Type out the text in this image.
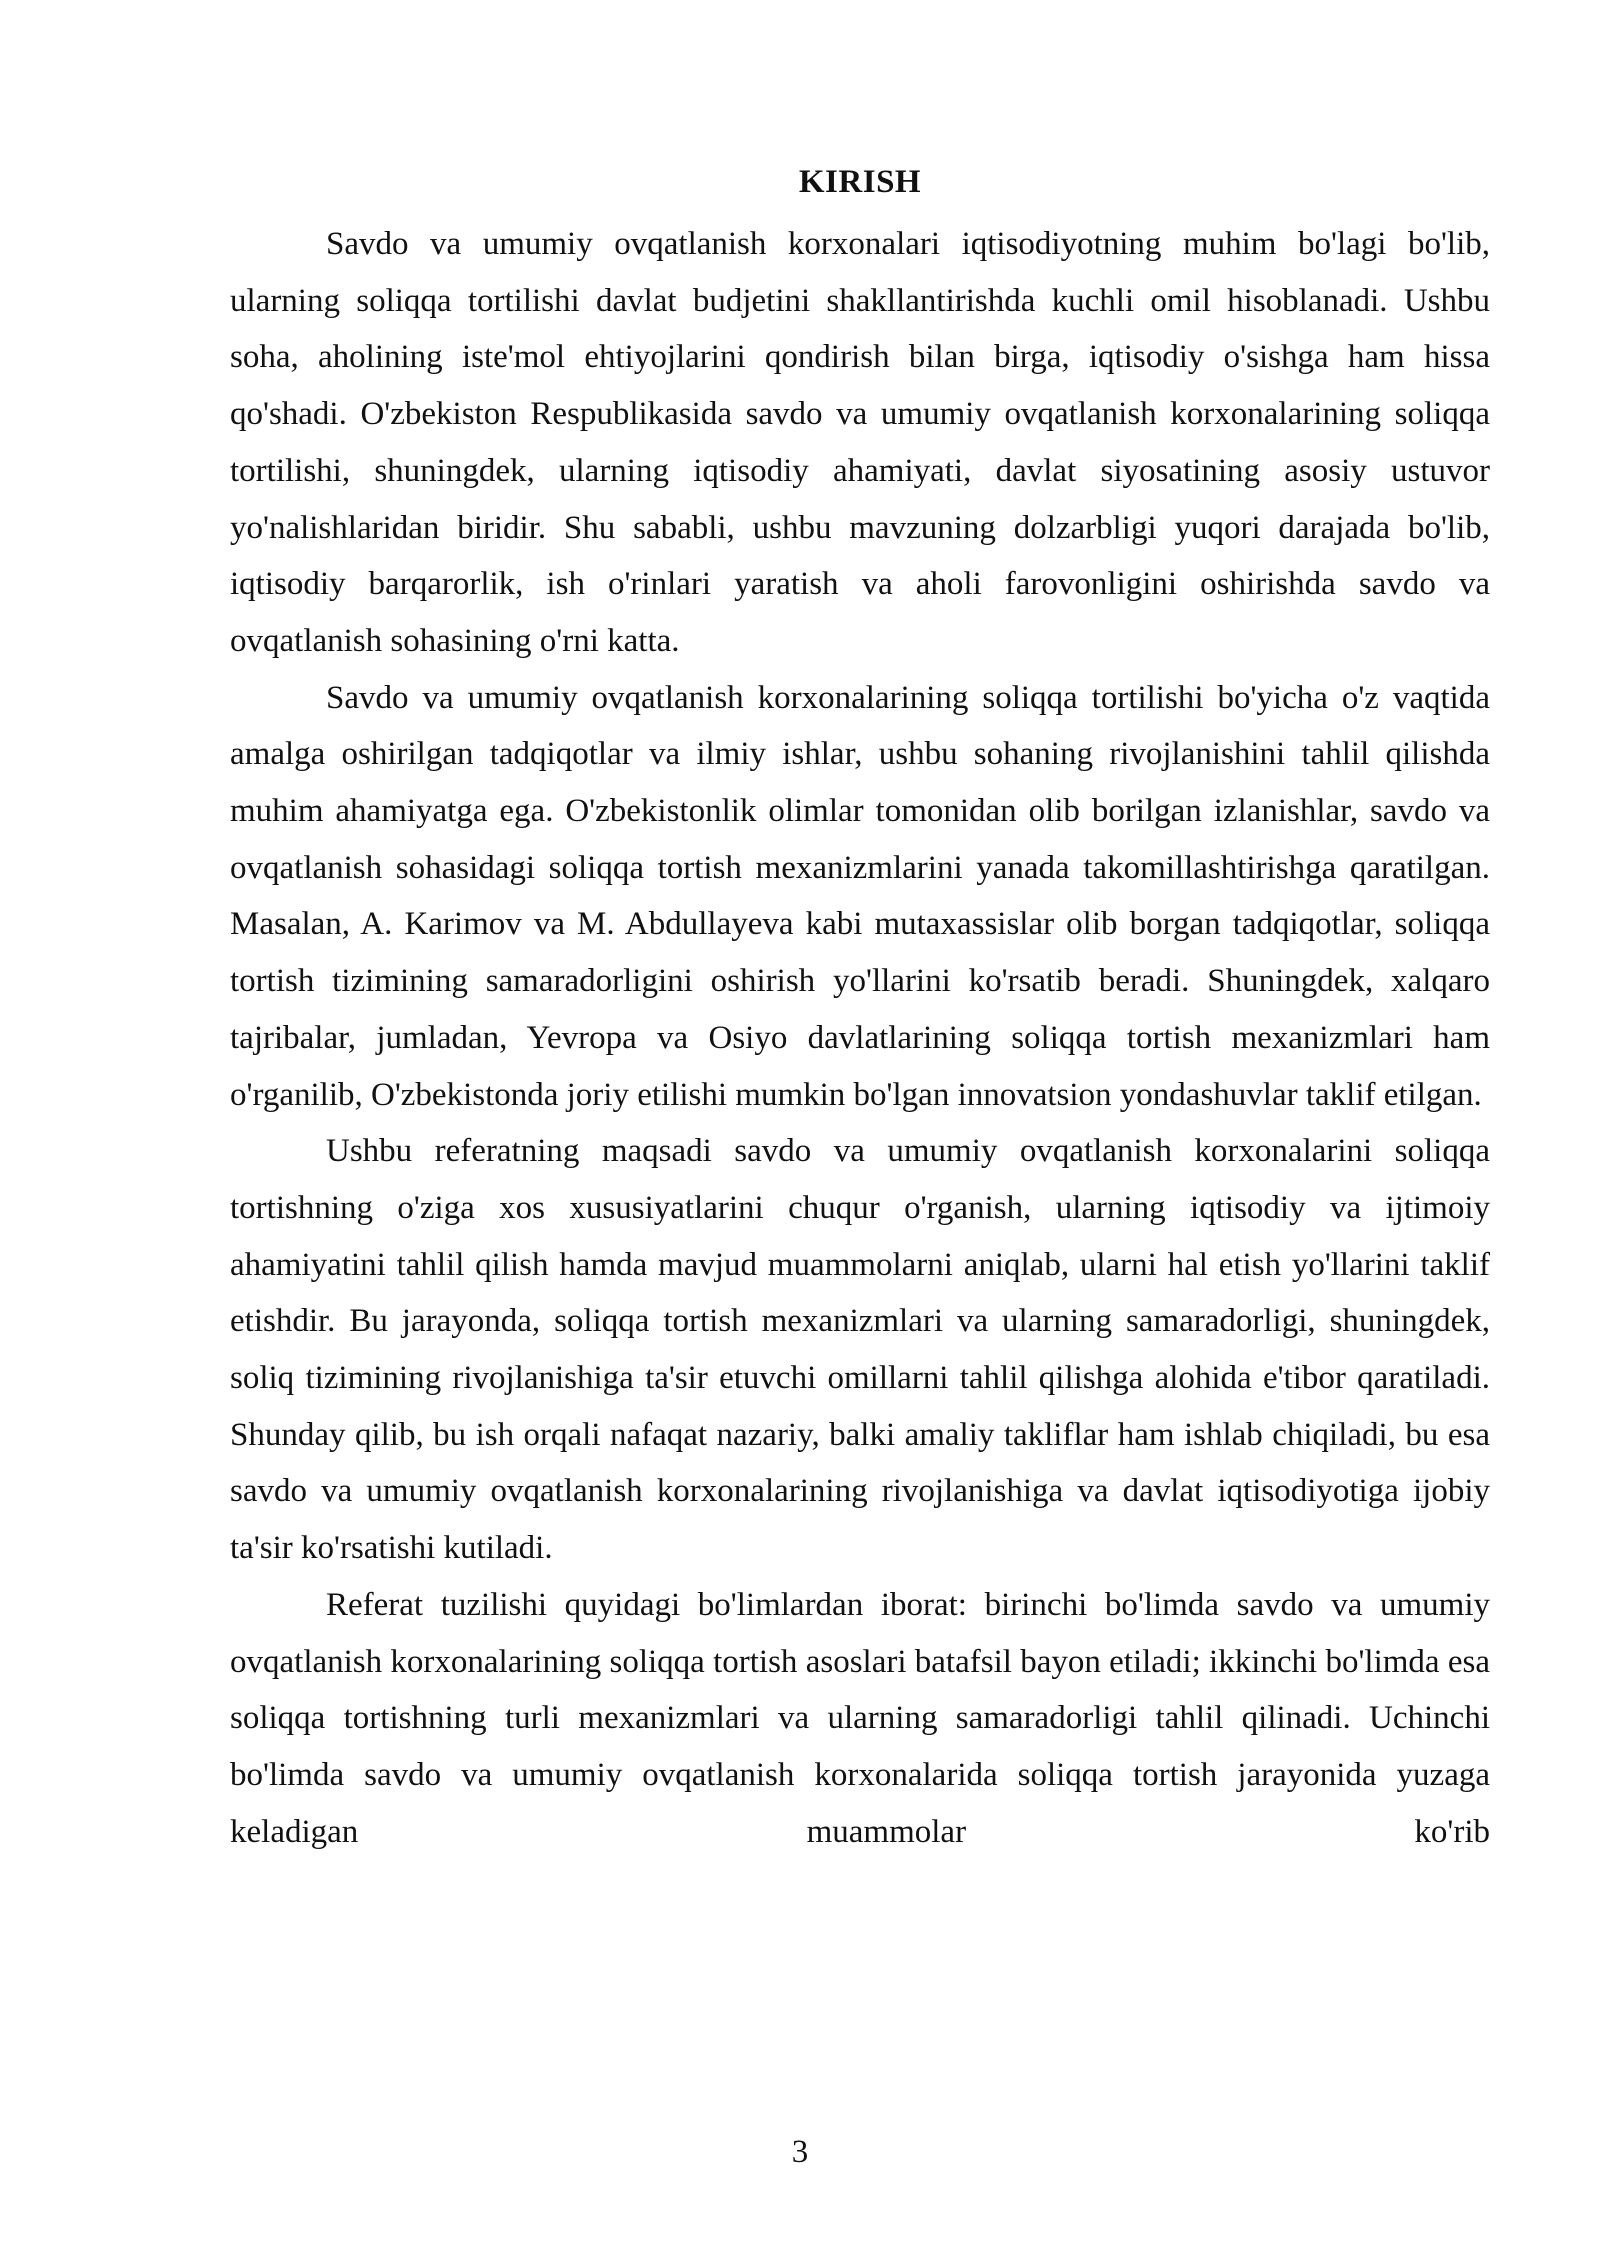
KIRISH

Savdo va umumiy ovqatlanish korxonalari iqtisodiyotning muhim bo'lagi bo'lib, ularning soliqqa tortilishi davlat budjetini shakllantirishda kuchli omil hisoblanadi. Ushbu soha, aholining iste'mol ehtiyojlarini qondirish bilan birga, iqtisodiy o'sishga ham hissa qo'shadi. O'zbekiston Respublikasida savdo va umumiy ovqatlanish korxonalarining soliqqa tortilishi, shuningdek, ularning iqtisodiy ahamiyati, davlat siyosatining asosiy ustuvor yo'nalishlaridan biridir. Shu sababli, ushbu mavzuning dolzarbligi yuqori darajada bo'lib, iqtisodiy barqarorlik, ish o'rinlari yaratish va aholi farovonligini oshirishda savdo va ovqatlanish sohasining o'rni katta.

Savdo va umumiy ovqatlanish korxonalarining soliqqa tortilishi bo'yicha o'z vaqtida amalga oshirilgan tadqiqotlar va ilmiy ishlar, ushbu sohaning rivojlanishini tahlil qilishda muhim ahamiyatga ega. O'zbekistonlik olimlar tomonidan olib borilgan izlanishlar, savdo va ovqatlanish sohasidagi soliqqa tortish mexanizmlarini yanada takomillashtirishga qaratilgan. Masalan, A. Karimov va M. Abdullayeva kabi mutaxassislar olib borgan tadqiqotlar, soliqqa tortish tizimining samaradorligini oshirish yo'llarini ko'rsatib beradi. Shuningdek, xalqaro tajribalar, jumladan, Yevropa va Osiyo davlatlarining soliqqa tortish mexanizmlari ham o'rganilib, O'zbekistonda joriy etilishi mumkin bo'lgan innovatsion yondashuvlar taklif etilgan.

Ushbu referatning maqsadi savdo va umumiy ovqatlanish korxonalarini soliqqa tortishning o'ziga xos xususiyatlarini chuqur o'rganish, ularning iqtisodiy va ijtimoiy ahamiyatini tahlil qilish hamda mavjud muammolarni aniqlab, ularni hal etish yo'llarini taklif etishdir. Bu jarayonda, soliqqa tortish mexanizmlari va ularning samaradorligi, shuningdek, soliq tizimining rivojlanishiga ta'sir etuvchi omillarni tahlil qilishga alohida e'tibor qaratiladi. Shunday qilib, bu ish orqali nafaqat nazariy, balki amaliy takliflar ham ishlab chiqiladi, bu esa savdo va umumiy ovqatlanish korxonalarining rivojlanishiga va davlat iqtisodiyotiga ijobiy ta'sir ko'rsatishi kutiladi.

Referat tuzilishi quyidagi bo'limlardan iborat: birinchi bo'limda savdo va umumiy ovqatlanish korxonalarining soliqqa tortish asoslari batafsil bayon etiladi; ikkinchi bo'limda esa soliqqa tortishning turli mexanizmlari va ularning samaradorligi tahlil qilinadi. Uchinchi bo'limda savdo va umumiy ovqatlanish korxonalarida soliqqa tortish jarayonida yuzaga keladigan muammolar ko'rib

3
